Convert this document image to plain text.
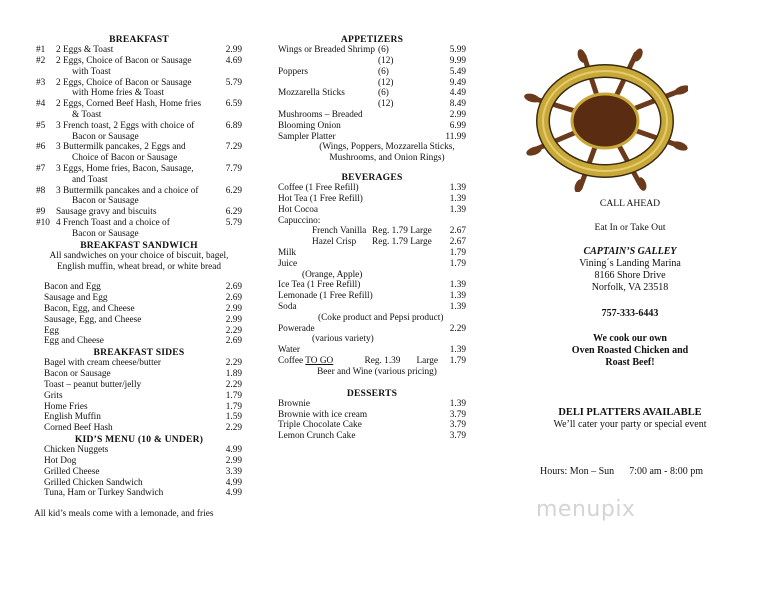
BREAKFAST
#1	2 Eggs & Toast	2.99
#2	2 Eggs, Choice of Bacon or Sausage	4.69
with Toast
#3	2 Eggs, Choice of Bacon or Sausage	5.79
with Home fries & Toast
#4	2 Eggs, Corned Beef Hash, Home fries	6.59
& Toast
#5	3 French toast, 2 Eggs with choice of	6.89
Bacon or Sausage
#6	3 Buttermilk pancakes, 2 Eggs and	7.29
Choice of Bacon or Sausage
#7	3 Eggs, Home fries, Bacon, Sausage,	7.79
and Toast
#8	3 Buttermilk pancakes and a choice of	6.29
Bacon or Sausage
#9	Sausage gravy and biscuits	6.29
#10 4 French Toast and a choice of	5.79
Bacon or Sausage
BREAKFAST SANDWICH
All sandwiches on your choice of biscuit, bagel,
English muffin, wheat bread, or white bread
Bacon and Egg	2.69
Sausage and Egg	2.69
Bacon, Egg, and Cheese	2.99
Sausage, Egg, and Cheese	2.99
Egg	2.29
Egg and Cheese	2.69
BREAKFAST SIDES
Bagel with cream cheese/butter	2.29
Bacon or Sausage	1.89
Toast – peanut butter/jelly	2.29
Grits	1.79
Home Fries	1.79
English Muffin	1.59
Corned Beef Hash	2.29
KID’S MENU (10 & UNDER)
Chicken Nuggets	4.99
Hot Dog	2.99
Grilled Cheese	3.39
Grilled Chicken Sandwich	4.99
Tuna, Ham or Turkey Sandwich	4.99
All kid’s meals come with a lemonade, and fries
APPETIZERS
Wings or Breaded Shrimp (6)	5.99
(12)	9.99
Poppers	(6)	5.49
(12)	9.49
Mozzarella Sticks	(6)	4.49
(12)	8.49
Mushrooms – Breaded	2.99
Blooming Onion	6.99
Sampler Platter	11.99
(Wings, Poppers, Mozzarella Sticks,
Mushrooms, and Onion Rings)
BEVERAGES
Coffee (1 Free Refill)	1.39
Hot Tea (1 Free Refill)	1.39
Hot Cocoa	1.39
Capuccino:
French Vanilla Reg. 1.79 Large	2.67
Hazel Crisp	Reg. 1.79 Large	2.67
Milk	1.79
Juice	1.79
(Orange, Apple)
Ice Tea (1 Free Refill)	1.39
Lemonade (1 Free Refill)	1.39
Soda	1.39
(Coke product and Pepsi product)
Powerade	2.29
(various variety)
Water	1.39
Coffee TO GO	Reg. 1.39	Large	1.79
Beer and Wine (various pricing)
DESSERTS
Brownie	1.39
Brownie with ice cream	3.79
Triple Chocolate Cake	3.79
Lemon Crunch Cake	3.79
CALL AHEAD
Eat In or Take Out
CAPTAIN’S GALLEY
Vining´s Landing Marina
8166 Shore Drive
Norfolk, VA 23518
757-333-6443
We cook our own
Oven Roasted Chicken and
Roast Beef!
DELI PLATTERS AVAILABLE
We’ll cater your party or special event
Hours: Mon – Sun 7:00 am - 8:00 pm
menupix
